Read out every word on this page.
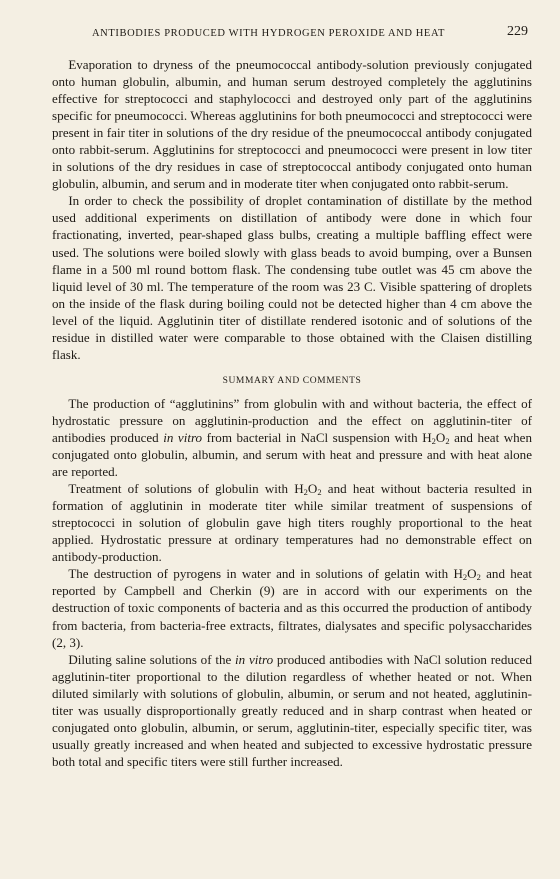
ANTIBODIES PRODUCED WITH HYDROGEN PEROXIDE AND HEAT	229

Evaporation to dryness of the pneumococcal antibody-solution previously conjugated onto human globulin, albumin, and human serum destroyed completely the agglutinins effective for streptococci and staphylococci and destroyed only part of the agglutinins specific for pneumococci. Whereas agglutinins for both pneumococci and streptococci were present in fair titer in solutions of the dry residue of the pneumococcal antibody conjugated onto rabbit-serum. Agglutinins for streptococci and pneumococci were present in low titer in solutions of the dry residues in case of streptococcal antibody conjugated onto human globulin, albumin, and serum and in moderate titer when conjugated onto rabbit-serum.

In order to check the possibility of droplet contamination of distillate by the method used additional experiments on distillation of antibody were done in which four fractionating, inverted, pear-shaped glass bulbs, creating a multiple baffling effect were used. The solutions were boiled slowly with glass beads to avoid bumping, over a Bunsen flame in a 500 ml round bottom flask. The condensing tube outlet was 45 cm above the liquid level of 30 ml. The temperature of the room was 23 C. Visible spattering of droplets on the inside of the flask during boiling could not be detected higher than 4 cm above the level of the liquid. Agglutinin titer of distillate rendered isotonic and of solutions of the residue in distilled water were comparable to those obtained with the Claisen distilling flask.

SUMMARY AND COMMENTS

The production of “agglutinins” from globulin with and without bacteria, the effect of hydrostatic pressure on agglutinin-production and the effect on agglutinin-titer of antibodies produced in vitro from bacterial in NaCl suspension with $H_2O_2$ and heat when conjugated onto globulin, albumin, and serum with heat and pressure and with heat alone are reported.

Treatment of solutions of globulin with $H_2O_2$ and heat without bacteria resulted in formation of agglutinin in moderate titer while similar treatment of suspensions of streptococci in solution of globulin gave high titers roughly proportional to the heat applied. Hydrostatic pressure at ordinary temperatures had no demonstrable effect on antibody-production.

The destruction of pyrogens in water and in solutions of gelatin with $H_2O_2$ and heat reported by Campbell and Cherkin (9) are in accord with our experiments on the destruction of toxic components of bacteria and as this occurred the production of antibody from bacteria, from bacteria-free extracts, filtrates, dialysates and specific polysaccharides (2, 3).

Diluting saline solutions of the in vitro produced antibodies with NaCl solution reduced agglutinin-titer proportional to the dilution regardless of whether heated or not. When diluted similarly with solutions of globulin, albumin, or serum and not heated, agglutinin-titer was usually disproportionally greatly reduced and in sharp contrast when heated or conjugated onto globulin, albumin, or serum, agglutinin-titer, especially specific titer, was usually greatly increased and when heated and subjected to excessive hydrostatic pressure both total and specific titers were still further increased.
